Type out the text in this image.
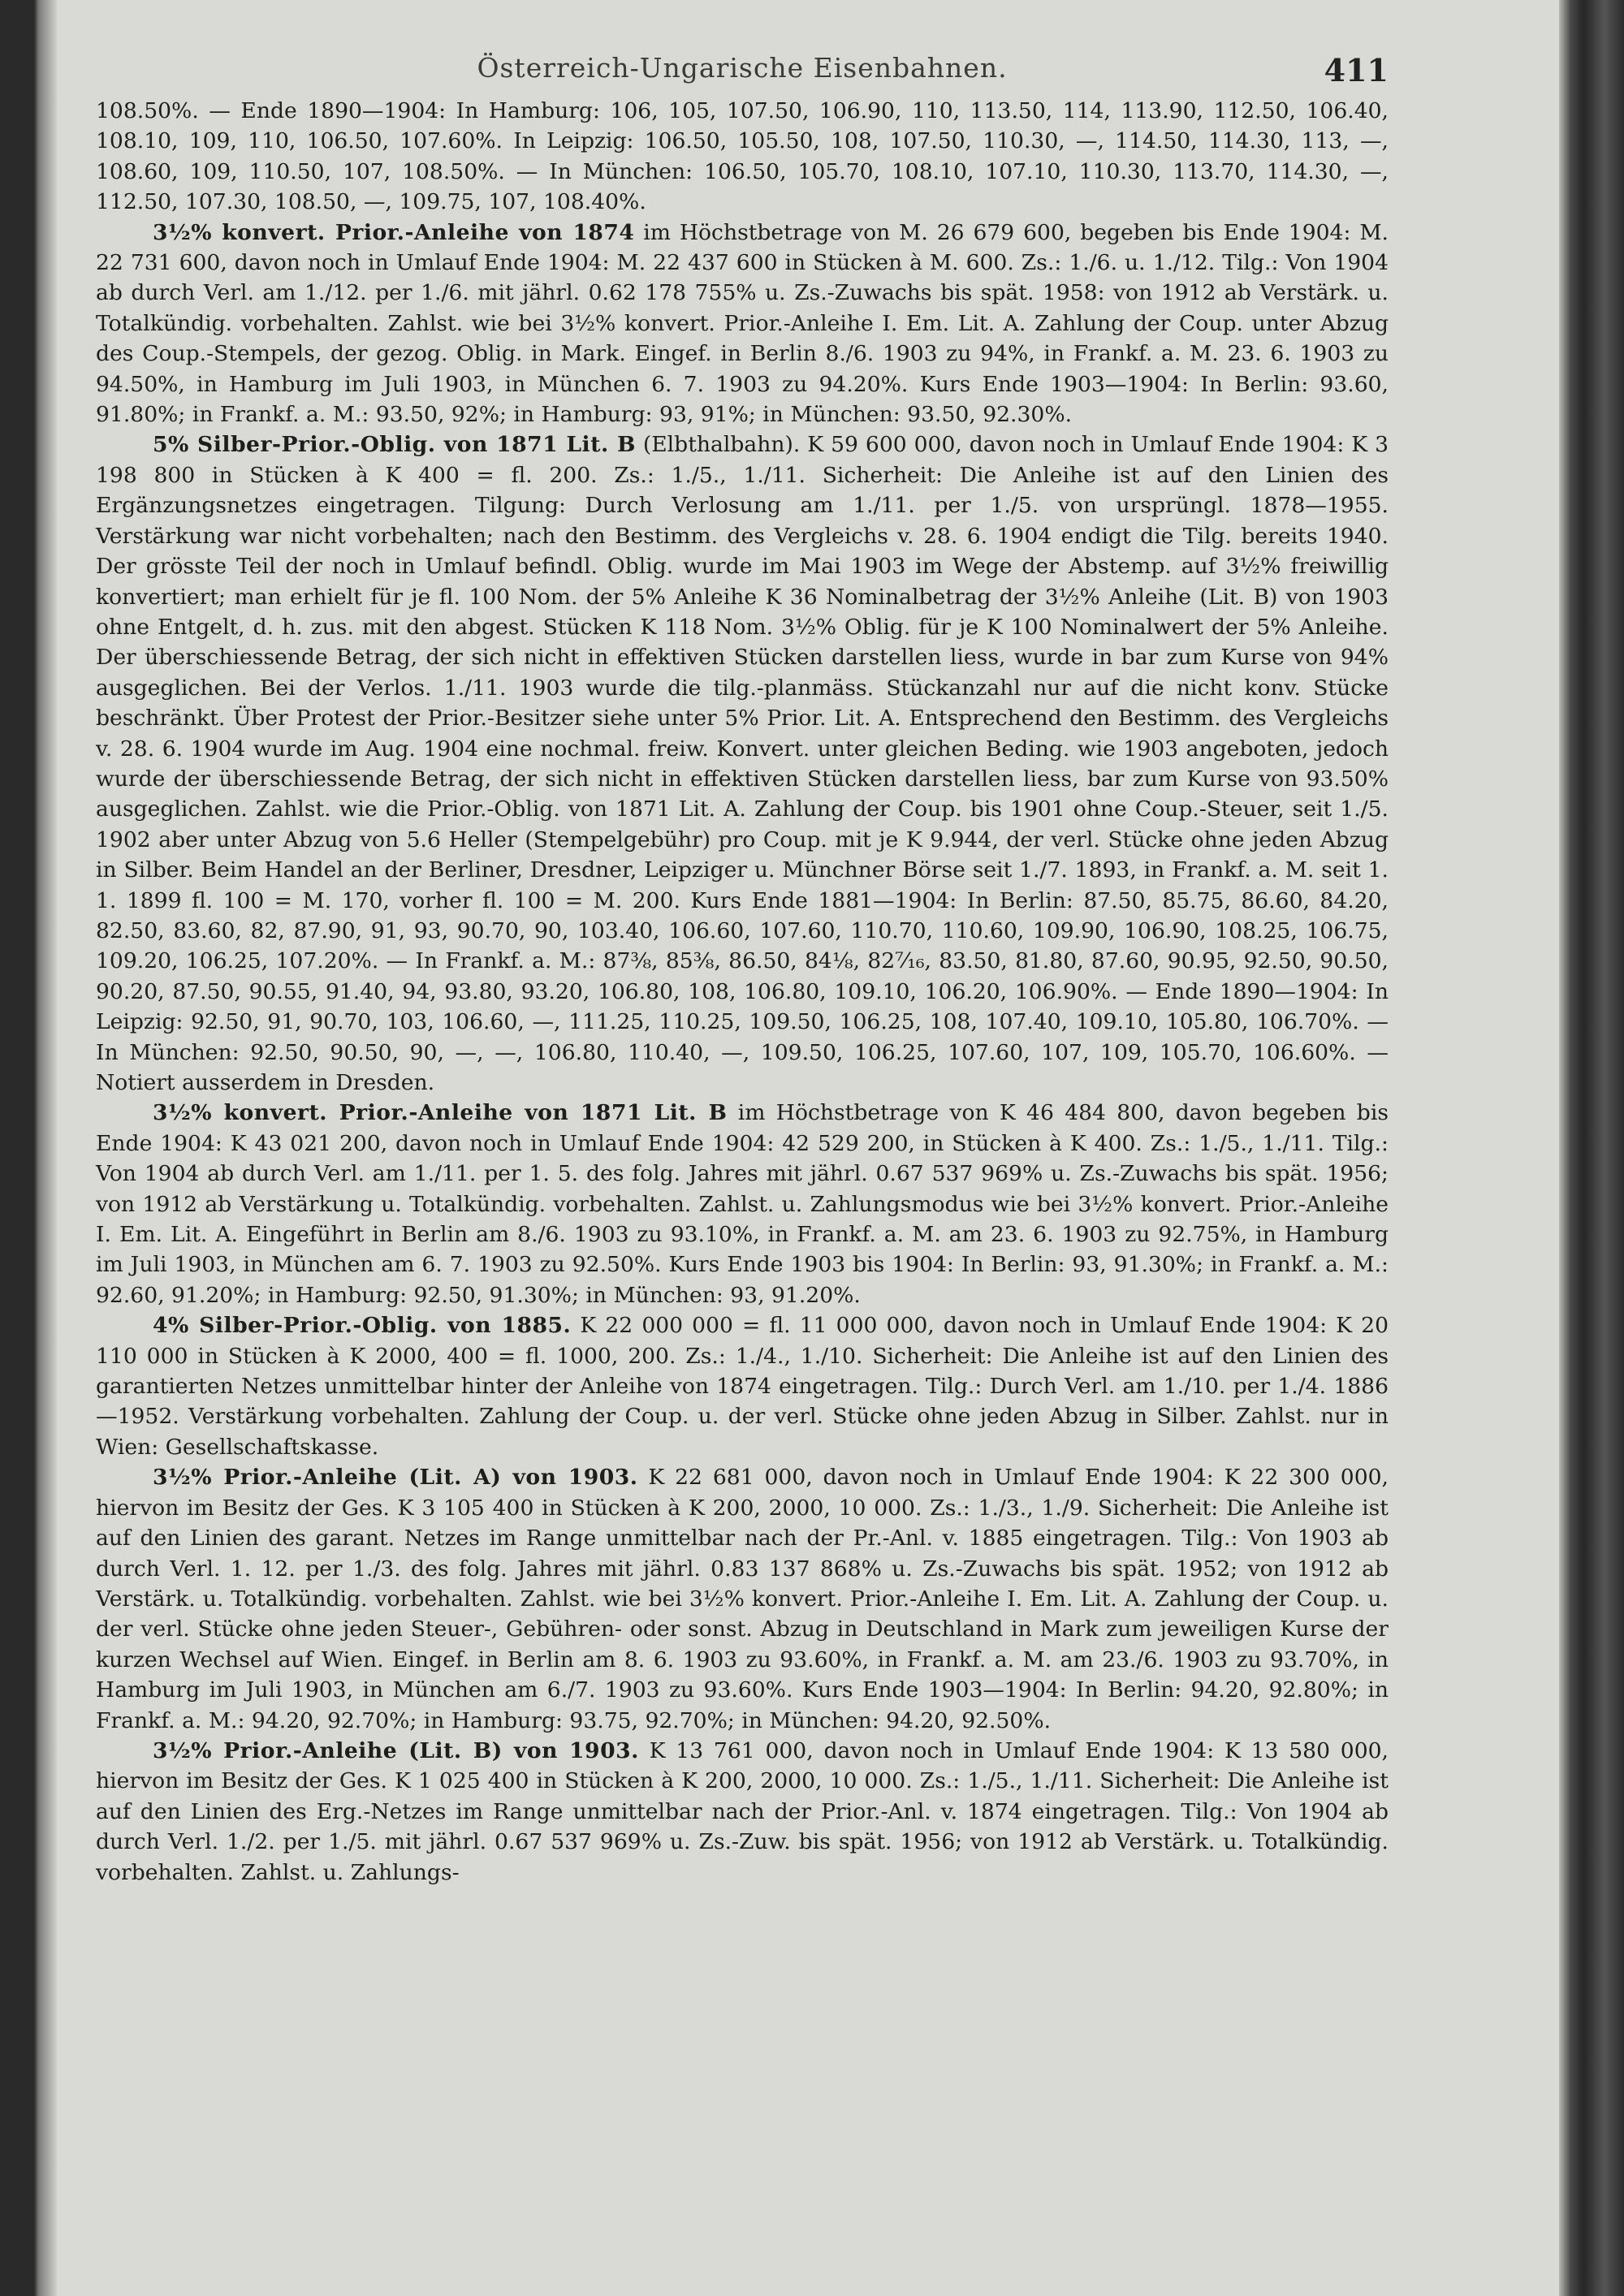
Österreich-Ungarische Eisenbahnen.	411

108.50%. — Ende 1890—1904: In Hamburg: 106, 105, 107.50, 106.90, 110, 113.50, 114, 113.90, 112.50, 106.40, 108.10, 109, 110, 106.50, 107.60%. In Leipzig: 106.50, 105.50, 108, 107.50, 110.30, —, 114.50, 114.30, 113, —, 108.60, 109, 110.50, 107, 108.50%. — In München: 106.50, 105.70, 108.10, 107.10, 110.30, 113.70, 114.30, —, 112.50, 107.30, 108.50, —, 109.75, 107, 108.40%.

3½% konvert. Prior.-Anleihe von 1874 im Höchstbetrage von M. 26 679 600, begeben bis Ende 1904: M. 22 731 600, davon noch in Umlauf Ende 1904: M. 22 437 600 in Stücken à M. 600. Zs.: 1./6. u. 1./12. Tilg.: Von 1904 ab durch Verl. am 1./12. per 1./6. mit jährl. 0.62 178 755% u. Zs.-Zuwachs bis spät. 1958: von 1912 ab Verstärk. u. Totalkündig. vorbehalten. Zahlst. wie bei 3½% konvert. Prior.-Anleihe I. Em. Lit. A. Zahlung der Coup. unter Abzug des Coup.-Stempels, der gezog. Oblig. in Mark. Eingef. in Berlin 8./6. 1903 zu 94%, in Frankf. a. M. 23. 6. 1903 zu 94.50%, in Hamburg im Juli 1903, in München 6. 7. 1903 zu 94.20%. Kurs Ende 1903—1904: In Berlin: 93.60, 91.80%; in Frankf. a. M.: 93.50, 92%; in Hamburg: 93, 91%; in München: 93.50, 92.30%.

5% Silber-Prior.-Oblig. von 1871 Lit. B (Elbthalbahn). K 59 600 000, davon noch in Umlauf Ende 1904: K 3 198 800 in Stücken à K 400 = fl. 200. Zs.: 1./5., 1./11. Sicherheit: Die Anleihe ist auf den Linien des Ergänzungsnetzes eingetragen. Tilgung: Durch Verlosung am 1./11. per 1./5. von ursprüngl. 1878—1955. Verstärkung war nicht vorbehalten; nach den Bestimm. des Vergleichs v. 28. 6. 1904 endigt die Tilg. bereits 1940. Der grösste Teil der noch in Umlauf befindl. Oblig. wurde im Mai 1903 im Wege der Abstemp. auf 3½% freiwillig konvertiert; man erhielt für je fl. 100 Nom. der 5% Anleihe K 36 Nominalbetrag der 3½% Anleihe (Lit. B) von 1903 ohne Entgelt, d. h. zus. mit den abgest. Stücken K 118 Nom. 3½% Oblig. für je K 100 Nominalwert der 5% Anleihe. Der überschiessende Betrag, der sich nicht in effektiven Stücken darstellen liess, wurde in bar zum Kurse von 94% ausgeglichen. Bei der Verlos. 1./11. 1903 wurde die tilg.-planmäss. Stückanzahl nur auf die nicht konv. Stücke beschränkt. Über Protest der Prior.-Besitzer siehe unter 5% Prior. Lit. A. Entsprechend den Bestimm. des Vergleichs v. 28. 6. 1904 wurde im Aug. 1904 eine nochmal. freiw. Konvert. unter gleichen Beding. wie 1903 angeboten, jedoch wurde der überschiessende Betrag, der sich nicht in effektiven Stücken darstellen liess, bar zum Kurse von 93.50% ausgeglichen. Zahlst. wie die Prior.-Oblig. von 1871 Lit. A. Zahlung der Coup. bis 1901 ohne Coup.-Steuer, seit 1./5. 1902 aber unter Abzug von 5.6 Heller (Stempelgebühr) pro Coup. mit je K 9.944, der verl. Stücke ohne jeden Abzug in Silber. Beim Handel an der Berliner, Dresdner, Leipziger u. Münchner Börse seit 1./7. 1893, in Frankf. a. M. seit 1. 1. 1899 fl. 100 = M. 170, vorher fl. 100 = M. 200. Kurs Ende 1881—1904: In Berlin: 87.50, 85.75, 86.60, 84.20, 82.50, 83.60, 82, 87.90, 91, 93, 90.70, 90, 103.40, 106.60, 107.60, 110.70, 110.60, 109.90, 106.90, 108.25, 106.75, 109.20, 106.25, 107.20%. — In Frankf. a. M.: 87⅜, 85⅜, 86.50, 84⅛, 82⁷⁄₁₆, 83.50, 81.80, 87.60, 90.95, 92.50, 90.50, 90.20, 87.50, 90.55, 91.40, 94, 93.80, 93.20, 106.80, 108, 106.80, 109.10, 106.20, 106.90%. — Ende 1890—1904: In Leipzig: 92.50, 91, 90.70, 103, 106.60, —, 111.25, 110.25, 109.50, 106.25, 108, 107.40, 109.10, 105.80, 106.70%. — In München: 92.50, 90.50, 90, —, —, 106.80, 110.40, —, 109.50, 106.25, 107.60, 107, 109, 105.70, 106.60%. — Notiert ausserdem in Dresden.

3½% konvert. Prior.-Anleihe von 1871 Lit. B im Höchstbetrage von K 46 484 800, davon begeben bis Ende 1904: K 43 021 200, davon noch in Umlauf Ende 1904: 42 529 200, in Stücken à K 400. Zs.: 1./5., 1./11. Tilg.: Von 1904 ab durch Verl. am 1./11. per 1. 5. des folg. Jahres mit jährl. 0.67 537 969% u. Zs.-Zuwachs bis spät. 1956; von 1912 ab Verstärkung u. Totalkündig. vorbehalten. Zahlst. u. Zahlungsmodus wie bei 3½% konvert. Prior.-Anleihe I. Em. Lit. A. Eingeführt in Berlin am 8./6. 1903 zu 93.10%, in Frankf. a. M. am 23. 6. 1903 zu 92.75%, in Hamburg im Juli 1903, in München am 6. 7. 1903 zu 92.50%. Kurs Ende 1903 bis 1904: In Berlin: 93, 91.30%; in Frankf. a. M.: 92.60, 91.20%; in Hamburg: 92.50, 91.30%; in München: 93, 91.20%.

4% Silber-Prior.-Oblig. von 1885. K 22 000 000 = fl. 11 000 000, davon noch in Umlauf Ende 1904: K 20 110 000 in Stücken à K 2000, 400 = fl. 1000, 200. Zs.: 1./4., 1./10. Sicherheit: Die Anleihe ist auf den Linien des garantierten Netzes unmittelbar hinter der Anleihe von 1874 eingetragen. Tilg.: Durch Verl. am 1./10. per 1./4. 1886—1952. Verstärkung vorbehalten. Zahlung der Coup. u. der verl. Stücke ohne jeden Abzug in Silber. Zahlst. nur in Wien: Gesellschaftskasse.

3½% Prior.-Anleihe (Lit. A) von 1903. K 22 681 000, davon noch in Umlauf Ende 1904: K 22 300 000, hiervon im Besitz der Ges. K 3 105 400 in Stücken à K 200, 2000, 10 000. Zs.: 1./3., 1./9. Sicherheit: Die Anleihe ist auf den Linien des garant. Netzes im Range unmittelbar nach der Pr.-Anl. v. 1885 eingetragen. Tilg.: Von 1903 ab durch Verl. 1. 12. per 1./3. des folg. Jahres mit jährl. 0.83 137 868% u. Zs.-Zuwachs bis spät. 1952; von 1912 ab Verstärk. u. Totalkündig. vorbehalten. Zahlst. wie bei 3½% konvert. Prior.-Anleihe I. Em. Lit. A. Zahlung der Coup. u. der verl. Stücke ohne jeden Steuer-, Gebühren- oder sonst. Abzug in Deutschland in Mark zum jeweiligen Kurse der kurzen Wechsel auf Wien. Eingef. in Berlin am 8. 6. 1903 zu 93.60%, in Frankf. a. M. am 23./6. 1903 zu 93.70%, in Hamburg im Juli 1903, in München am 6./7. 1903 zu 93.60%. Kurs Ende 1903—1904: In Berlin: 94.20, 92.80%; in Frankf. a. M.: 94.20, 92.70%; in Hamburg: 93.75, 92.70%; in München: 94.20, 92.50%.

3½% Prior.-Anleihe (Lit. B) von 1903. K 13 761 000, davon noch in Umlauf Ende 1904: K 13 580 000, hiervon im Besitz der Ges. K 1 025 400 in Stücken à K 200, 2000, 10 000. Zs.: 1./5., 1./11. Sicherheit: Die Anleihe ist auf den Linien des Erg.-Netzes im Range unmittelbar nach der Prior.-Anl. v. 1874 eingetragen. Tilg.: Von 1904 ab durch Verl. 1./2. per 1./5. mit jährl. 0.67 537 969% u. Zs.-Zuw. bis spät. 1956; von 1912 ab Verstärk. u. Totalkündig. vorbehalten. Zahlst. u. Zahlungs-
